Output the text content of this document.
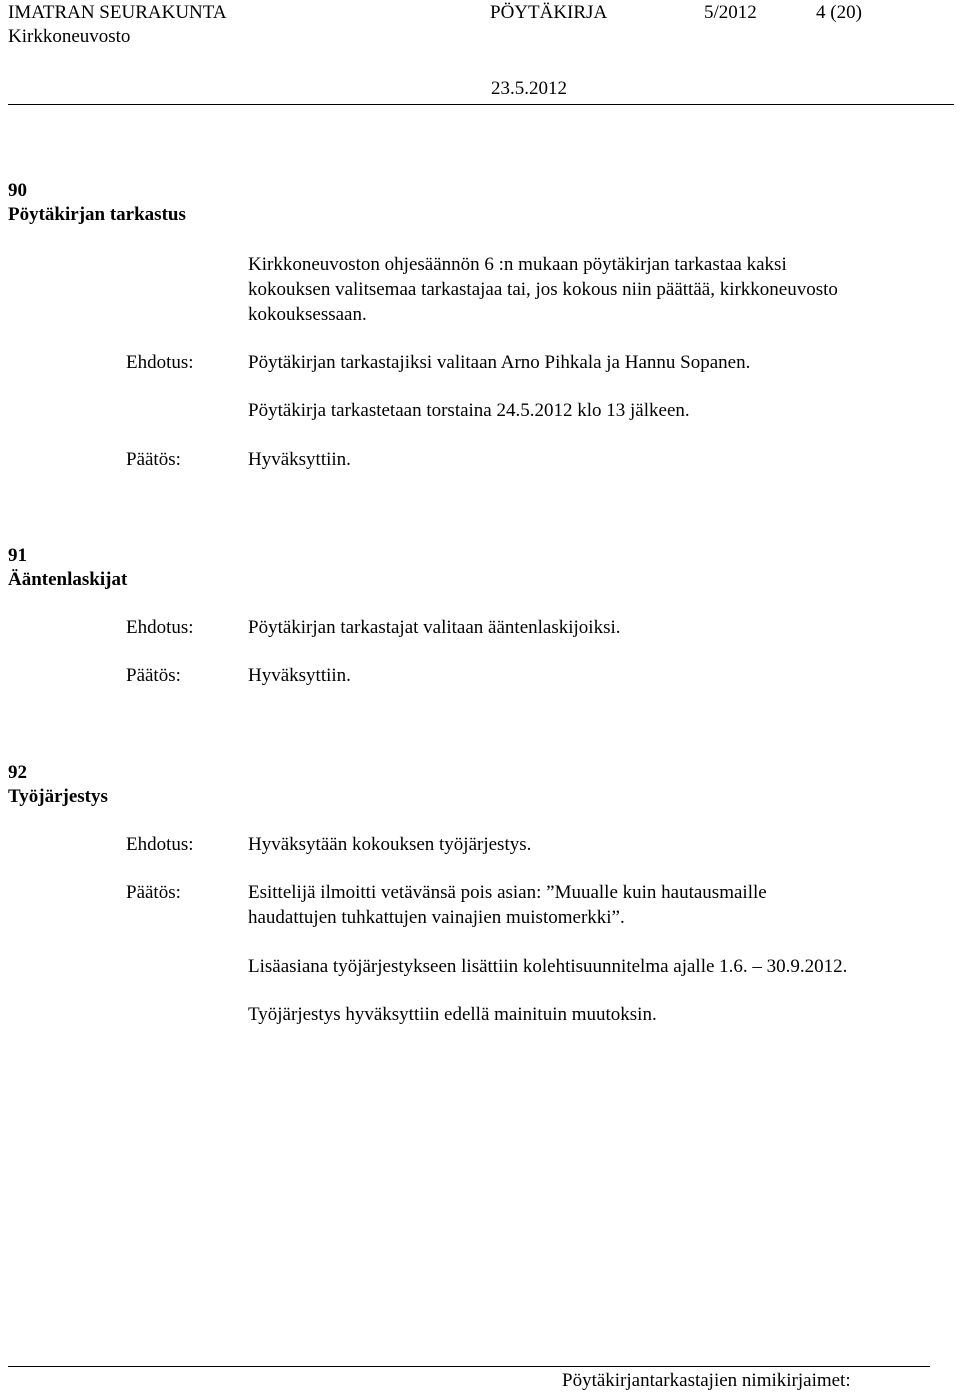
IMATRAN SEURAKUNTA	PÖYTÄKIRJA	5/2012	4 (20)
Kirkkoneuvosto
23.5.2012
90
Pöytäkirjan tarkastus
Kirkkoneuvoston ohjesäännön 6 :n mukaan pöytäkirjan tarkastaa kaksi
kokouksen valitsemaa tarkastajaa tai, jos kokous niin päättää, kirkkoneuvosto
kokouksessaan.
Ehdotus:	Pöytäkirjan tarkastajiksi valitaan Arno Pihkala ja Hannu Sopanen.
Pöytäkirja tarkastetaan torstaina 24.5.2012 klo 13 jälkeen.
Päätös:	Hyväksyttiin.
91
Ääntenlaskijat
Ehdotus:	Pöytäkirjan tarkastajat valitaan ääntenlaskijoiksi.
Päätös:	Hyväksyttiin.
92
Työjärjestys
Ehdotus:	Hyväksytään kokouksen työjärjestys.
Päätös:	Esittelijä ilmoitti vetävänsä pois asian: ”Muualle kuin hautausmaille
haudattujen tuhkattujen vainajien muistomerkki”.
Lisäasiana työjärjestykseen lisättiin kolehtisuunnitelma ajalle 1.6. – 30.9.2012.
Työjärjestys hyväksyttiin edellä mainituin muutoksin.
Pöytäkirjantarkastajien nimikirjaimet:
